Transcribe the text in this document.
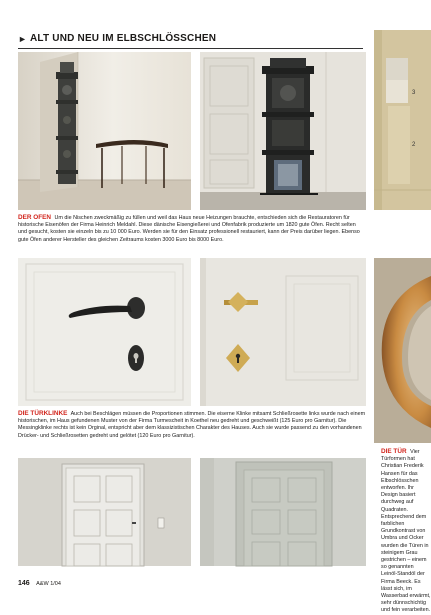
► ALT UND NEU IM ELBSCHLÖSSCHEN
3
2
DER OFEN Um die Nischen zweckmäßig zu füllen und weil das Haus neue Heizungen brauchte, entschieden sich die Restauratoren für historische Eisenöfen der Firma Heinrich Meldahl. Diese dänische Eisengießerei und Ofenfabrik produzierte um 1820 gute Öfen. Recht selten und gesucht, kosten sie einzeln bis zu 10 000 Euro. Werden sie für den Einsatz professionell restauriert, kann der Preis darüber liegen. Ebenso gute Öfen anderer Hersteller des gleichen Zeitraums kosten 3000 Euro bis 8000 Euro.
DIE TÜRKLINKE Auch bei Beschlägen müssen die Proportionen stimmen. Die eiserne Klinke mitsamt Schließrosette links wurde nach einem historischen, im Haus gefundenen Muster von der Firma Turmescheit in Koethel neu gedreht und geschweißt (125 Euro pro Garnitur). Die Messingklinke rechts ist kein Orginal, entspricht aber dem klassizistischen Charakter des Hauses. Auch sie wurde passend zu den vorhandenen Drücker- und Schließrosetten gedreht und gelötet (120 Euro pro Garnitur).
DIE TÜR Vier Türformen hat Christian Frederik Hansen für das Elbschlösschen entworfen. Ihr Design basiert durchweg auf Quadraten. Entsprechend dem farblichen Grundkontrast von Umbra und Ocker wurden die Türen in steinigem Grau gestrichen – einem so genannten Leinöl-Standöl der Firma Beeck. Es lässt sich, im Wasserbad erwärmt, sehr dünnschichtig und fein verarbeiten.
146 A&W 1/04
